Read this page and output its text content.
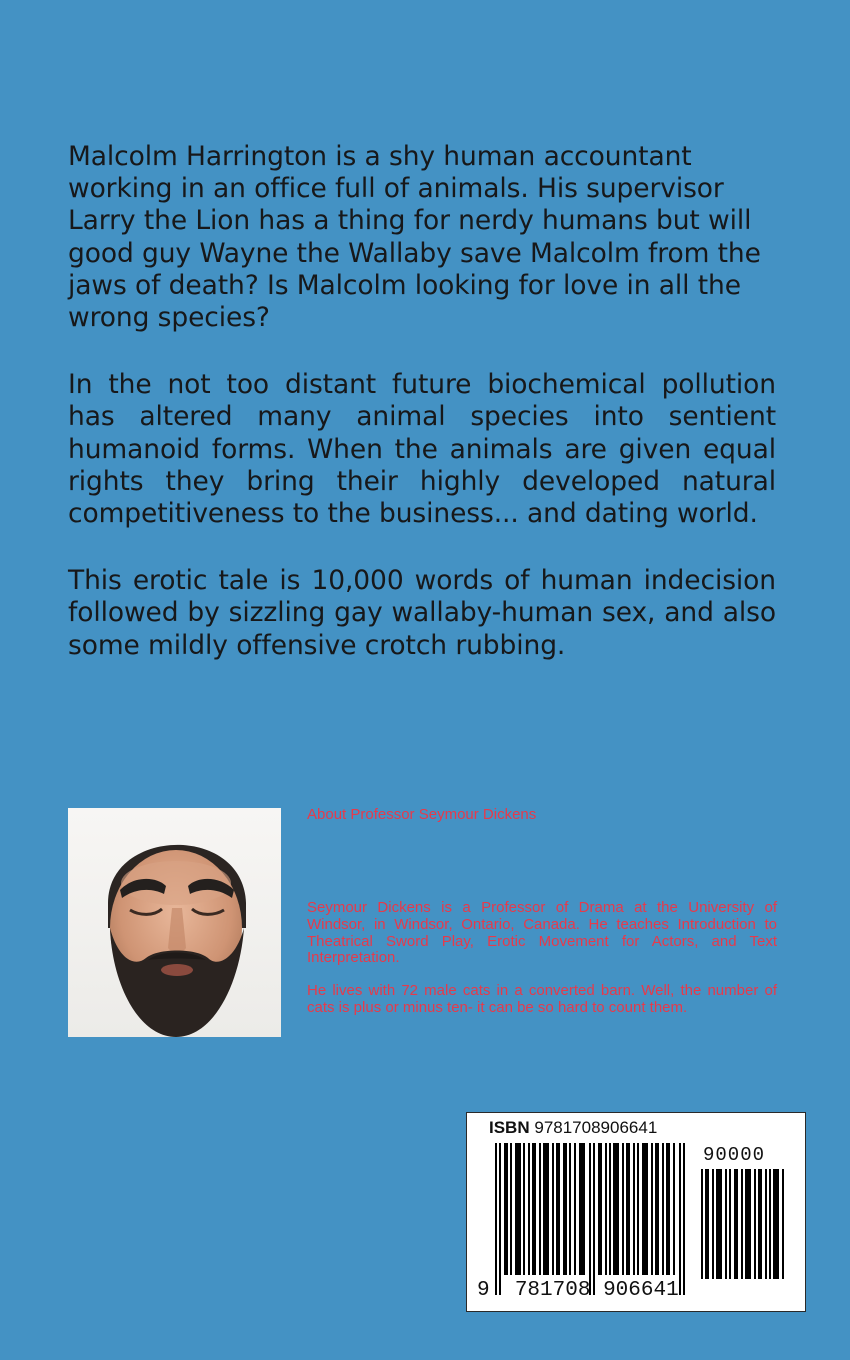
Malcolm Harrington is a shy human accountant working in an office full of animals. His supervisor Larry the Lion has a thing for nerdy humans but will good guy Wayne the Wallaby save Malcolm from the jaws of death? Is Malcolm looking for love in all the wrong species?

In the not too distant future biochemical pollution has altered many animal species into sentient humanoid forms. When the animals are given equal rights they bring their highly developed natural competitiveness to the business... and dating world.

This erotic tale is 10,000 words of human indecision followed by sizzling gay wallaby-human sex, and also some mildly offensive crotch rubbing.

About Professor Seymour Dickens

Seymour Dickens is a Professor of Drama at the University of Windsor, in Windsor, Ontario, Canada. He teaches Introduction to Theatrical Sword Play, Erotic Movement for Actors, and Text Interpretation.

He lives with 72 male cats in a converted barn. Well, the number of cats is plus or minus ten- it can be so hard to count them.

ISBN 9781708906641
90000
9 781708 906641
